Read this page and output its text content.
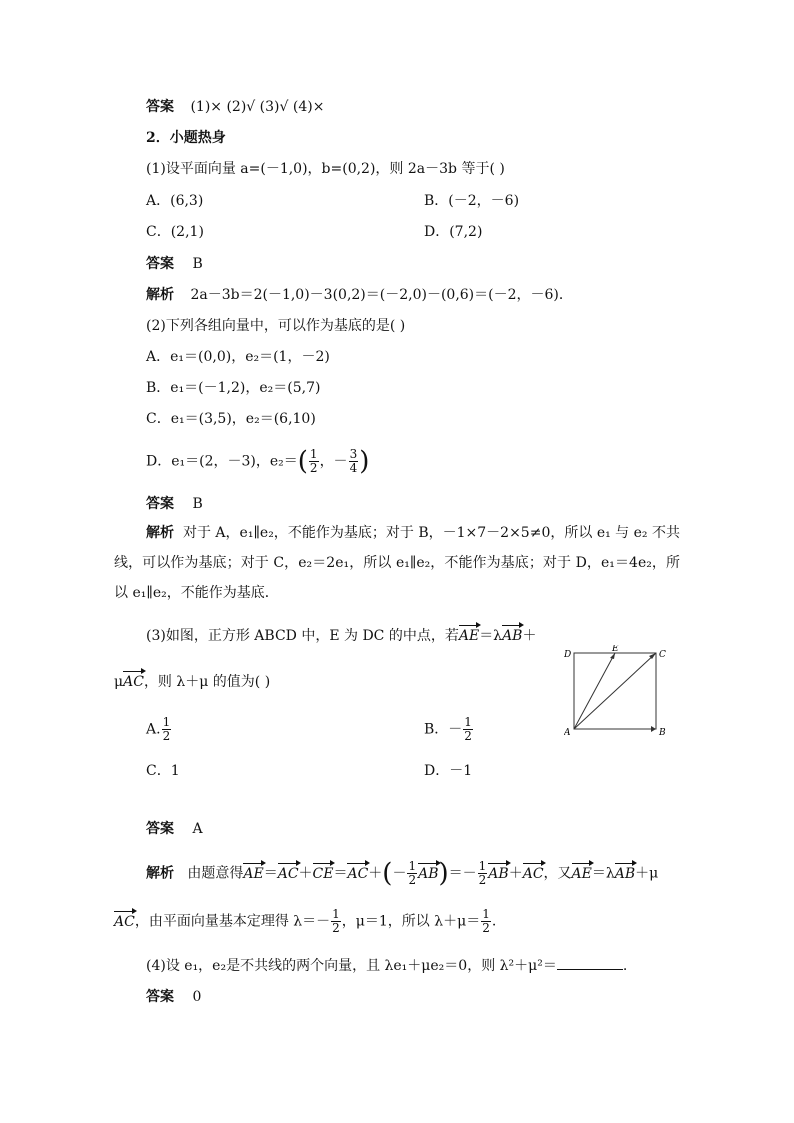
答案 (1)× (2)√ (3)√ (4)×
2．小题热身
(1)设平面向量 a=(－1,0)，b=(0,2)，则 2a－3b 等于( )
A．(6,3)	B．(－2，－6)
C．(2,1)	D．(7,2)
答案 B
解析 2a－3b＝2(－1,0)－3(0,2)＝(－2,0)－(0,6)＝(－2，－6)．
(2)下列各组向量中，可以作为基底的是( )
A．e₁＝(0,0)，e₂＝(1，－2)
B．e₁＝(－1,2)，e₂＝(5,7)
C．e₁＝(3,5)，e₂＝(6,10)
D．e₁＝(2，－3)，$e_2=( \frac{1}{2}$ ，－ $\frac{3}{4}$ )
答案 B
解析 对于 A，e₁∥e₂，不能作为基底；对于 B，－1×7－2×5≠0，所以 e₁ 与 e₂ 不共线，可以作为基底；对于 C，e₂＝2e₁，所以 e₁∥e₂，不能作为基底；对于 D，e₁＝4e₂，所以 e₁∥e₂，不能作为基底．
(3)如图，正方形 ABCD 中，E 为 DC 的中点，若AE＝λAB＋
μAC，则 λ＋μ 的值为( )
A. $\frac{1}{2}$	B．－ $\frac{1}{2}$
C．1	D．－1
D
E
C
A	B
答案 A
解析 由题意得$AE=AC+CE=AC+(- \frac{1}{2} AB)=- \frac{1}{2} AB+AC$，又AE＝λAB＋μ
AC，由平面向量基本定理得 $\lambda=- \frac{1}{2}$ ，μ＝1，所以 $\lambda+\mu= \frac{1}{2}$ .
(4)设 e₁，e₂是不共线的两个向量，且 λe₁＋μe₂＝0，则 λ²＋μ²＝	.
答案 0
